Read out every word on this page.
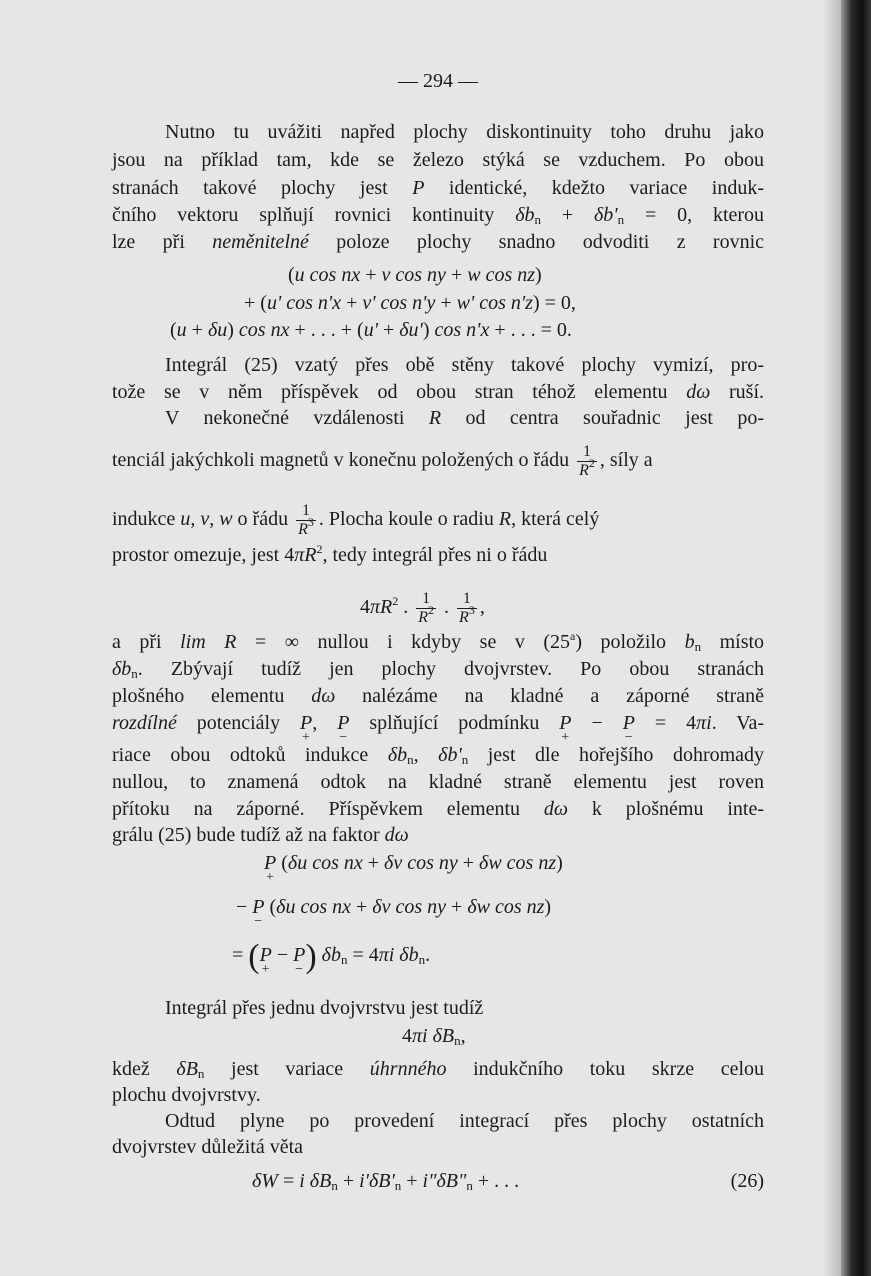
— 294 —
Nutno tu uvážiti napřed plochy diskontinuity toho druhu jako
jsou na příklad tam, kde se železo stýká se vzduchem. Po obou
stranách takové plochy jest P identické, kdežto variace induk-
čního vektoru splňují rovnici kontinuity $\delta b_n + \delta b'_n = 0$, kterou
lze při neměnitelné poloze plochy snadno odvoditi z rovnic
(u cos nx + v cos ny + w cos nz)
+ (u' cos n'x + v' cos n'y + w' cos n'z) = 0,
(u + δu) cos nx + . . . + (u' + δu') cos n'x + . . . = 0.
Integrál (25) vzatý přes obě stěny takové plochy vymizí, pro-
tože se v něm příspěvek od obou stran téhož elementu dω ruší.
V nekonečné vzdálenosti R od centra souřadnic jest po-
tenciál jakýchkoli magnetů v konečnu položených o řádu $\frac{1}{R^2}$ , síly a
indukce u, v, w o řádu $\frac{1}{R^3}$ . Plocha koule o radiu R, která celý
prostor omezuje, jest $4\pi R^2$, tedy integrál přes ni o řádu
$4\pi R^2$ . $\frac{1}{R^2}$ . $\frac{1}{R^3}$ ,
a při lim R = ∞ nullou i kdyby se v (25$^a$) položilo $b_n$ místo
$\delta b_n$. Zbývají tudíž jen plochy dvojvrstev. Po obou stranách
plošného elementu dω nalézáme na kladné a záporné straně
rozdílné potenciály P +, P − splňující podmínku P + − P − = 4πi. Va-
riace obou odtoků indukce $\delta b_n$, $\delta b'_n$ jest dle hořejšího dohromady
nullou, to znamená odtok na kladné straně elementu jest roven
přítoku na záporné. Příspěvkem elementu dω k plošnému inte-
grálu (25) bude tudíž až na faktor dω
P + (δu cos nx + δv cos ny + δw cos nz)
− P − (δu cos nx + δv cos ny + δw cos nz)
= (P + − P −) $\delta b_n = 4\pi i$ $\delta b_n$.
Integrál přes jednu dvojvrstvu jest tudíž
4πi $\delta B_n$,
kdež $\delta B_n$ jest variace úhrnného indukčního toku skrze celou
plochu dvojvrstvy.
Odtud plyne po provedení integrací přes plochy ostatních
dvojvrstev důležitá věta
δW = i $\delta B_n + i'\delta B'_n$ + $i"\delta B"_n$ + . . .	(26)
